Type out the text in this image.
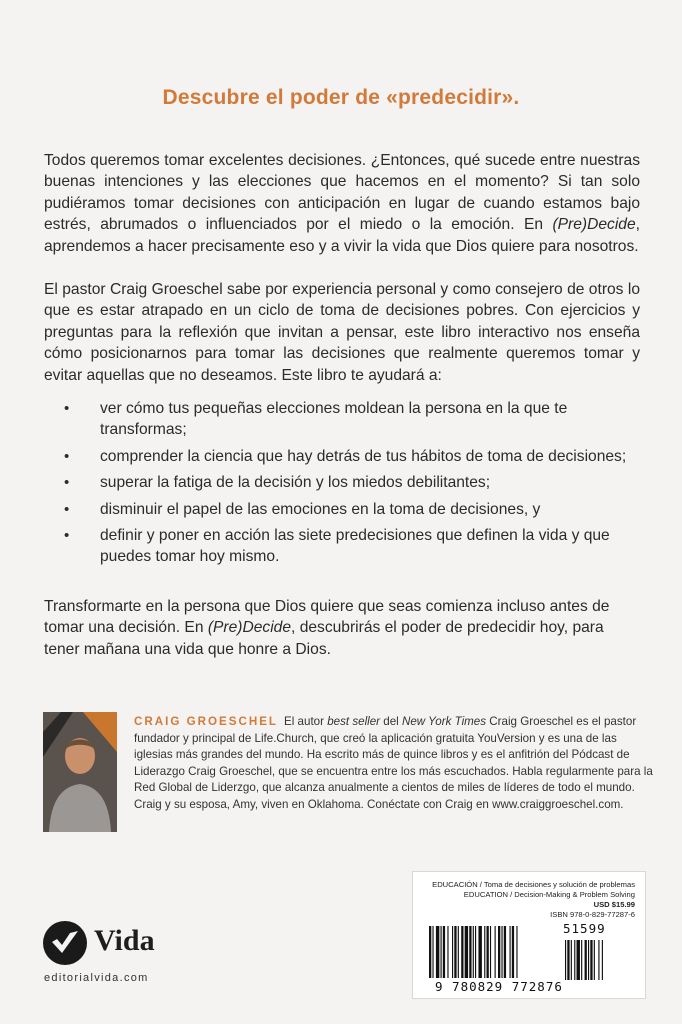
Descubre el poder de «predecidir».

Todos queremos tomar excelentes decisiones. ¿Entonces, qué sucede entre nuestras buenas intenciones y las elecciones que hacemos en el momento? Si tan solo pudiéramos tomar decisiones con anticipación en lugar de cuando estamos bajo estrés, abrumados o influenciados por el miedo o la emoción. En (Pre)Decide, aprendemos a hacer precisamente eso y a vivir la vida que Dios quiere para nosotros.

El pastor Craig Groeschel sabe por experiencia personal y como consejero de otros lo que es estar atrapado en un ciclo de toma de decisiones pobres. Con ejercicios y preguntas para la reflexión que invitan a pensar, este libro interactivo nos enseña cómo posicionarnos para tomar las decisiones que realmente queremos tomar y evitar aquellas que no deseamos. Este libro te ayudará a:

• ver cómo tus pequeñas elecciones moldean la persona en la que te transformas;
• comprender la ciencia que hay detrás de tus hábitos de toma de decisiones;
• superar la fatiga de la decisión y los miedos debilitantes;
• disminuir el papel de las emociones en la toma de decisiones, y
• definir y poner en acción las siete predecisiones que definen la vida y que puedes tomar hoy mismo.

Transformarte en la persona que Dios quiere que seas comienza incluso antes de tomar una decisión. En (Pre)Decide, descubrirás el poder de predecidir hoy, para tener mañana una vida que honre a Dios.

CRAIG GROESCHEL El autor best seller del New York Times Craig Groeschel es el pastor fundador y principal de Life.Church, que creó la aplicación gratuita YouVersion y es una de las iglesias más grandes del mundo. Ha escrito más de quince libros y es el anfitrión del Pódcast de Liderazgo Craig Groeschel, que se encuentra entre los más escuchados. Habla regularmente para la Red Global de Liderzgo, que alcanza anualmente a cientos de miles de líderes de todo el mundo. Craig y su esposa, Amy, viven en Oklahoma. Conéctate con Craig en www.craiggroeschel.com.

Vida
editorialvida.com
EDUCACIÓN / Toma de decisiones y solución de problemas
EDUCATION / Decision-Making & Problem Solving
USD $15.99
ISBN 978-0-829-77287-6
9 780829 772876
51599
